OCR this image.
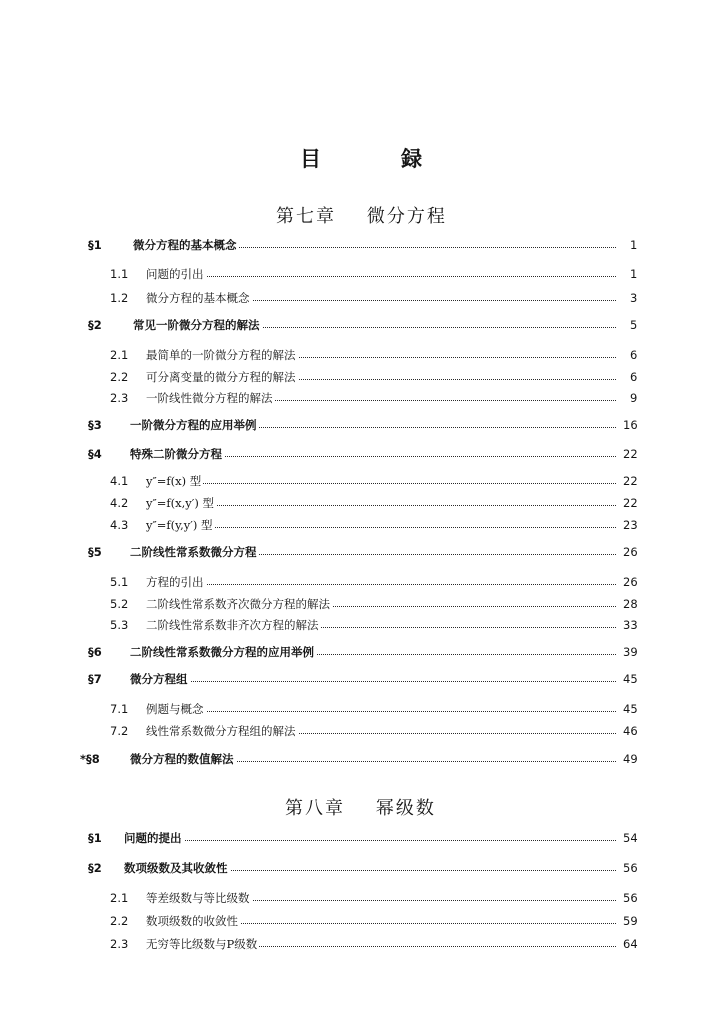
目	録
第七章    微分方程
第八章    幂级数
§1	微分方程的基本概念	1
1.1 问题的引出	1
1.2 微分方程的基本概念	3
§2	常见一阶微分方程的解法	5
2.1 最简单的一阶微分方程的解法	6
2.2 可分离变量的微分方程的解法	6
2.3 一阶线性微分方程的解法	9
§3 一阶微分方程的应用举例	16
§4 特殊二阶微分方程	22
4.1 y″=f(x) 型	22
4.2 y″=f(x,y′) 型	22
4.3 y″=f(y,y′) 型	23
§5 二阶线性常系数微分方程	26
5.1 方程的引出	26
5.2 二阶线性常系数齐次微分方程的解法	28
5.3 二阶线性常系数非齐次方程的解法	33
§6 二阶线性常系数微分方程的应用举例	39
§7 微分方程组	45
7.1 例题与概念	45
7.2 线性常系数微分方程组的解法	46
*§8	微分方程的数值解法	49
§1 问题的提出	54
§2 数项级数及其收敛性	56
2.1 等差级数与等比级数	56
2.2 数项级数的收敛性	59
2.3 无穷等比级数与P级数	64
